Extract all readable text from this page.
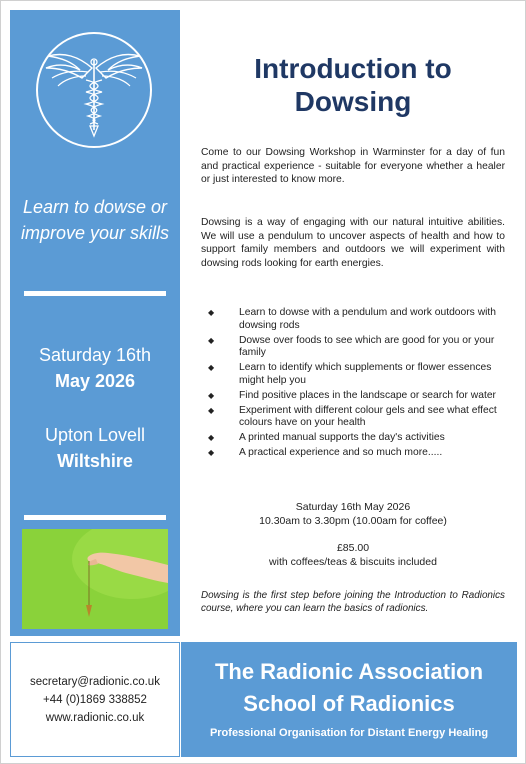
Learn to dowse or improve your skills
Saturday 16th
May 2026
Upton Lovell
Wiltshire
Introduction to
Dowsing

Come to our Dowsing Workshop in Warminster for a day of fun and practical experience - suitable for everyone whether a healer or just interested to know more.

Dowsing is a way of engaging with our natural intuitive abilities. We will use a pendulum to uncover aspects of health and how to support family members and outdoors we will experiment with dowsing rods looking for earth energies.

◆ Learn to dowse with a pendulum and work outdoors with dowsing rods
◆ Dowse over foods to see which are good for you or your family
◆ Learn to identify which supplements or flower essences might help you
◆ Find positive places in the landscape or search for water
◆ Experiment with different colour gels and see what effect colours have on your health
◆ A printed manual supports the day's activities
◆ A practical experience and so much more.....
Saturday 16th May 2026
10.30am to 3.30pm (10.00am for coffee)
£85.00
with coffees/teas & biscuits included

Dowsing is the first step before joining the Introduction to Radionics course, where you can learn the basics of radionics.

secretary@radionic.co.uk
+44 (0)1869 338852
www.radionic.co.uk
The Radionic Association
School of Radionics
Professional Organisation for Distant Energy Healing
